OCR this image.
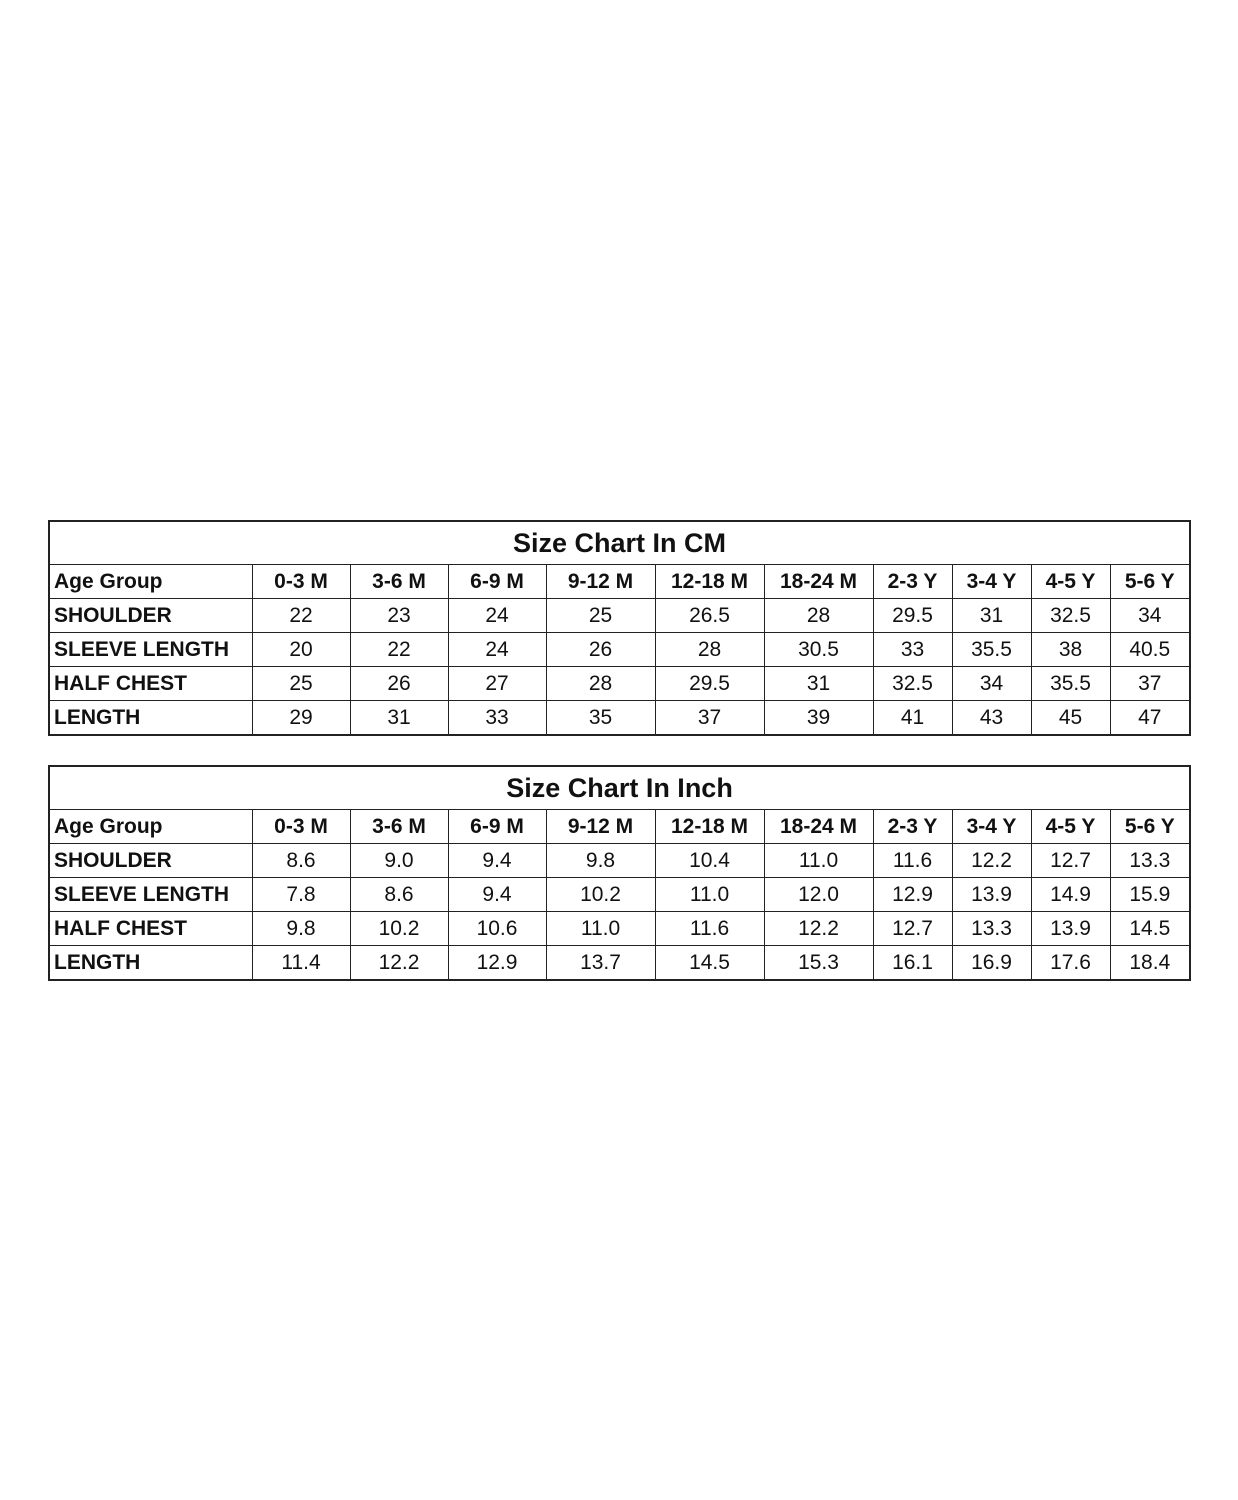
Size Chart In CM										
Age Group	0-3 M	3-6 M	6-9 M	9-12 M	12-18 M	18-24 M	2-3 Y	3-4 Y	4-5 Y	5-6 Y
SHOULDER	22	23	24	25	26.5	28	29.5	31	32.5	34
SLEEVE LENGTH	20	22	24	26	28	30.5	33	35.5	38	40.5
HALF CHEST	25	26	27	28	29.5	31	32.5	34	35.5	37
LENGTH	29	31	33	35	37	39	41	43	45	47
Size Chart In Inch										
Age Group	0-3 M	3-6 M	6-9 M	9-12 M	12-18 M	18-24 M	2-3 Y	3-4 Y	4-5 Y	5-6 Y
SHOULDER	8.6	9.0	9.4	9.8	10.4	11.0	11.6	12.2	12.7	13.3
SLEEVE LENGTH	7.8	8.6	9.4	10.2	11.0	12.0	12.9	13.9	14.9	15.9
HALF CHEST	9.8	10.2	10.6	11.0	11.6	12.2	12.7	13.3	13.9	14.5
LENGTH	11.4	12.2	12.9	13.7	14.5	15.3	16.1	16.9	17.6	18.4
